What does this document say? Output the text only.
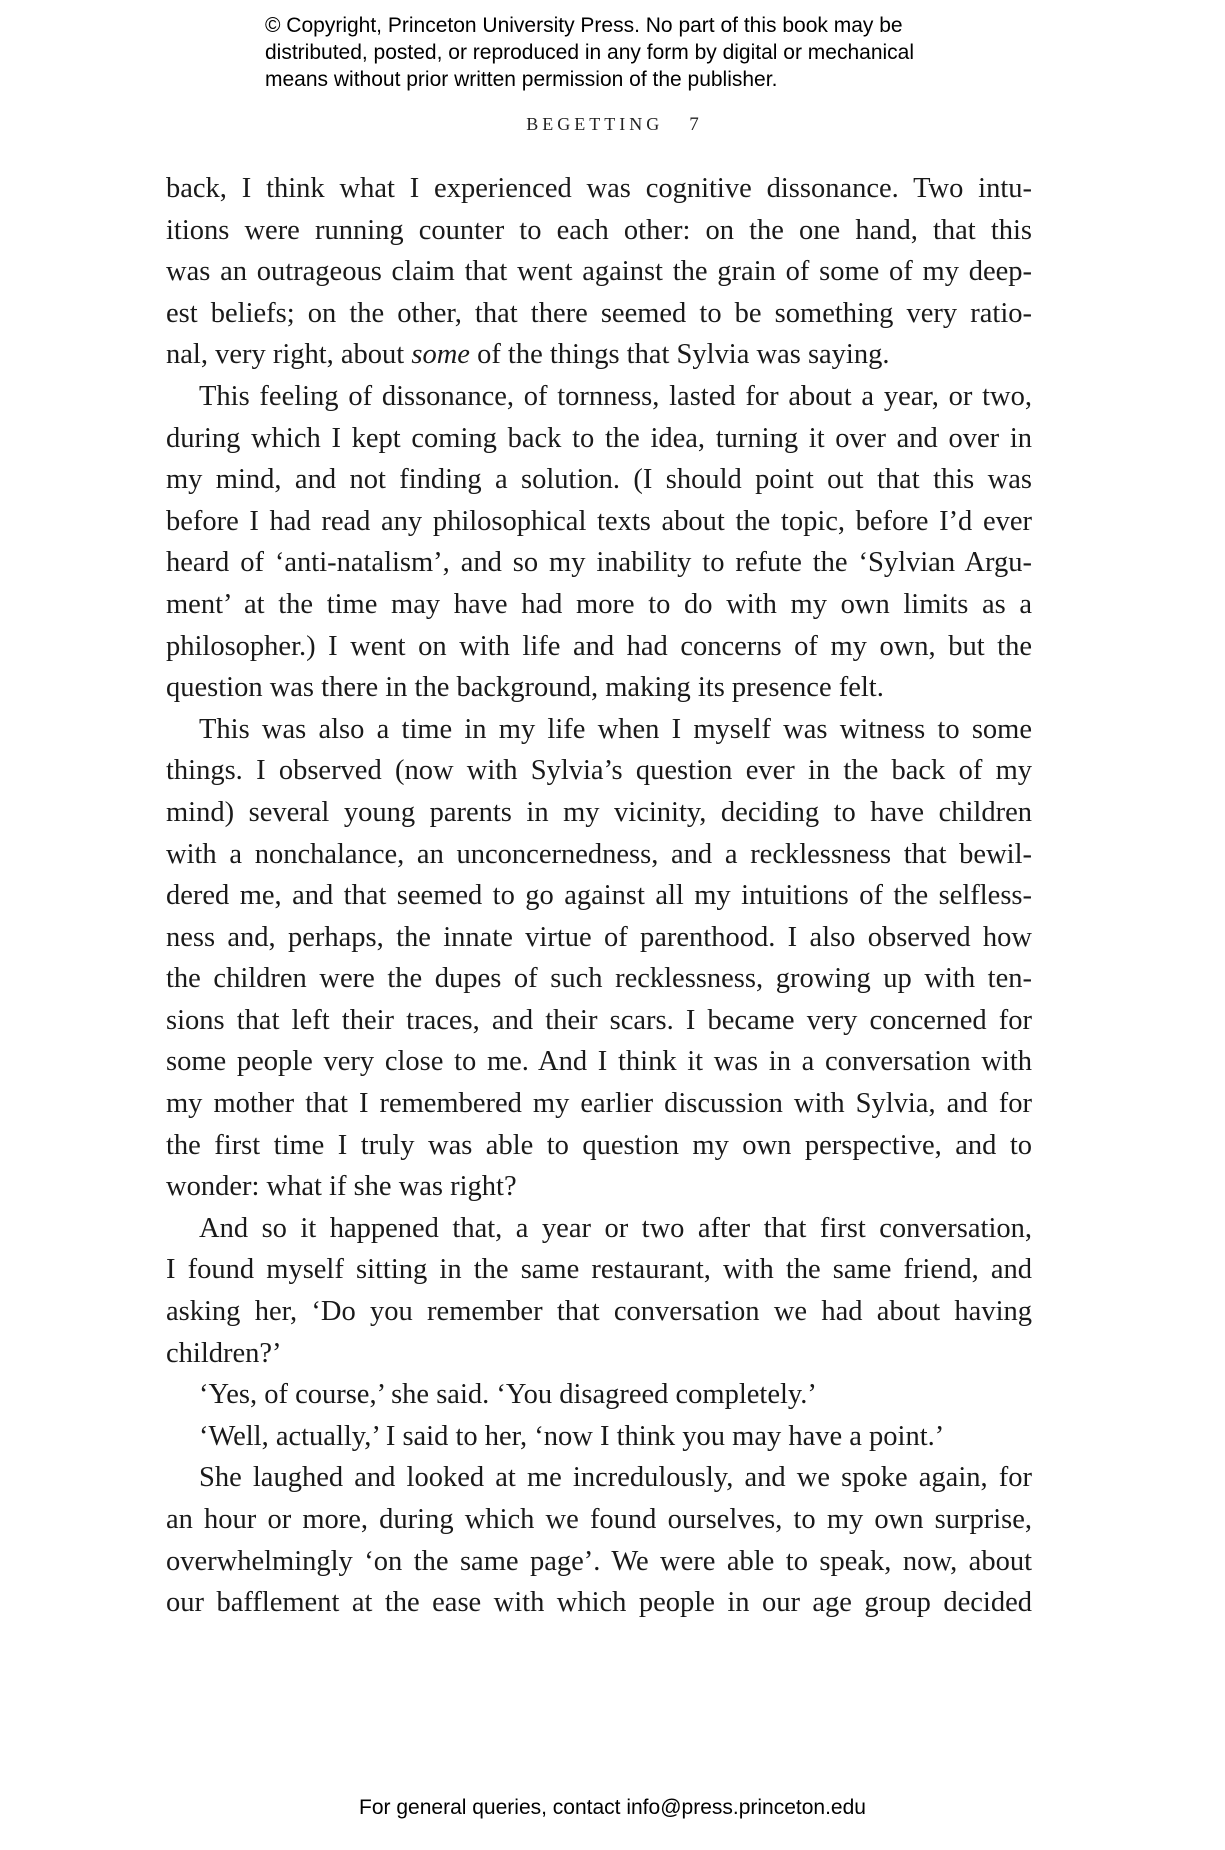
© Copyright, Princeton University Press. No part of this book may be
distributed, posted, or reproduced in any form by digital or mechanical
means without prior written permission of the publisher.
BEGETTING 7
back, I think what I experienced was cognitive dissonance. Two intu-
itions were running counter to each other: on the one hand, that this
was an outrageous claim that went against the grain of some of my deep-
est beliefs; on the other, that there seemed to be something very ratio-
nal, very right, about some of the things that Sylvia was saying.
This feeling of dissonance, of tornness, lasted for about a year, or two,
during which I kept coming back to the idea, turning it over and over in
my mind, and not finding a solution. (I should point out that this was
before I had read any philosophical texts about the topic, before I’d ever
heard of ‘anti-natalism’, and so my inability to refute the ‘Sylvian Argu-
ment’ at the time may have had more to do with my own limits as a
philosopher.) I went on with life and had concerns of my own, but the
question was there in the background, making its presence felt.
This was also a time in my life when I myself was witness to some
things. I observed (now with Sylvia’s question ever in the back of my
mind) several young parents in my vicinity, deciding to have children
with a nonchalance, an unconcernedness, and a recklessness that bewil-
dered me, and that seemed to go against all my intuitions of the selfless-
ness and, perhaps, the innate virtue of parenthood. I also observed how
the children were the dupes of such recklessness, growing up with ten-
sions that left their traces, and their scars. I became very concerned for
some people very close to me. And I think it was in a conversation with
my mother that I remembered my earlier discussion with Sylvia, and for
the first time I truly was able to question my own perspective, and to
wonder: what if she was right?
And so it happened that, a year or two after that first conversation,
I found myself sitting in the same restaurant, with the same friend, and
asking her, ‘Do you remember that conversation we had about having
children?’
‘Yes, of course,’ she said. ‘You disagreed completely.’
‘Well, actually,’ I said to her, ‘now I think you may have a point.’
She laughed and looked at me incredulously, and we spoke again, for
an hour or more, during which we found ourselves, to my own surprise,
overwhelmingly ‘on the same page’. We were able to speak, now, about
our bafflement at the ease with which people in our age group decided
For general queries, contact info@press.princeton.edu
